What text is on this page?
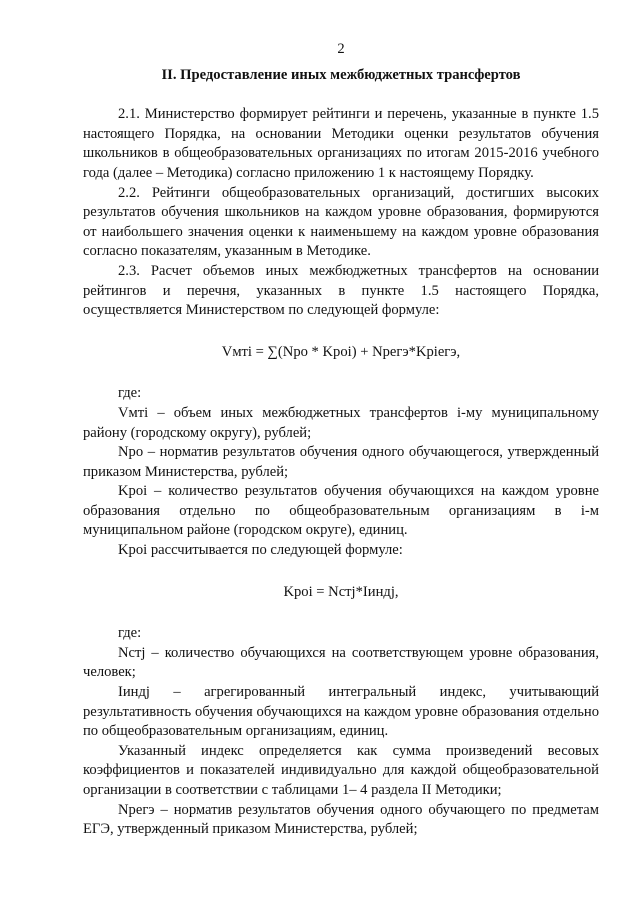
2
II. Предоставление иных межбюджетных трансфертов

2.1. Министерство формирует рейтинги и перечень, указанные в пункте 1.5 настоящего Порядка, на основании Методики оценки результатов обучения школьников в общеобразовательных организациях по итогам 2015-2016 учебного года (далее – Методика) согласно приложению 1 к настоящему Порядку.

2.2. Рейтинги общеобразовательных организаций, достигших высоких результатов обучения школьников на каждом уровне образования, формируются от наибольшего значения оценки к наименьшему на каждом уровне образования согласно показателям, указанным в Методике.

2.3. Расчет объемов иных межбюджетных трансфертов на основании рейтингов и перечня, указанных в пункте 1.5 настоящего Порядка, осуществляется Министерством по следующей формуле:

Vмтi = ∑(Nро * Kроi) + Nрегэ*Kрiегэ,

где:

Vмтi – объем иных межбюджетных трансфертов i-му муниципальному району (городскому округу), рублей;

Nро – норматив результатов обучения одного обучающегося, утвержденный приказом Министерства, рублей;

Kроi – количество результатов обучения обучающихся на каждом уровне образования отдельно по общеобразовательным организациям в i-м муниципальном районе (городском округе), единиц.

Kроi рассчитывается по следующей формуле:

Kроi = Nстj*Iиндj,

где:

Nстj – количество обучающихся на соответствующем уровне образования, человек;

Iиндj – агрегированный интегральный индекс, учитывающий результативность обучения обучающихся на каждом уровне образования отдельно по общеобразовательным организациям, единиц.

Указанный индекс определяется как сумма произведений весовых коэффициентов и показателей индивидуально для каждой общеобразовательной организации в соответствии с таблицами 1– 4 раздела II Методики;

Nрегэ – норматив результатов обучения одного обучающего по предметам ЕГЭ, утвержденный приказом Министерства, рублей;
